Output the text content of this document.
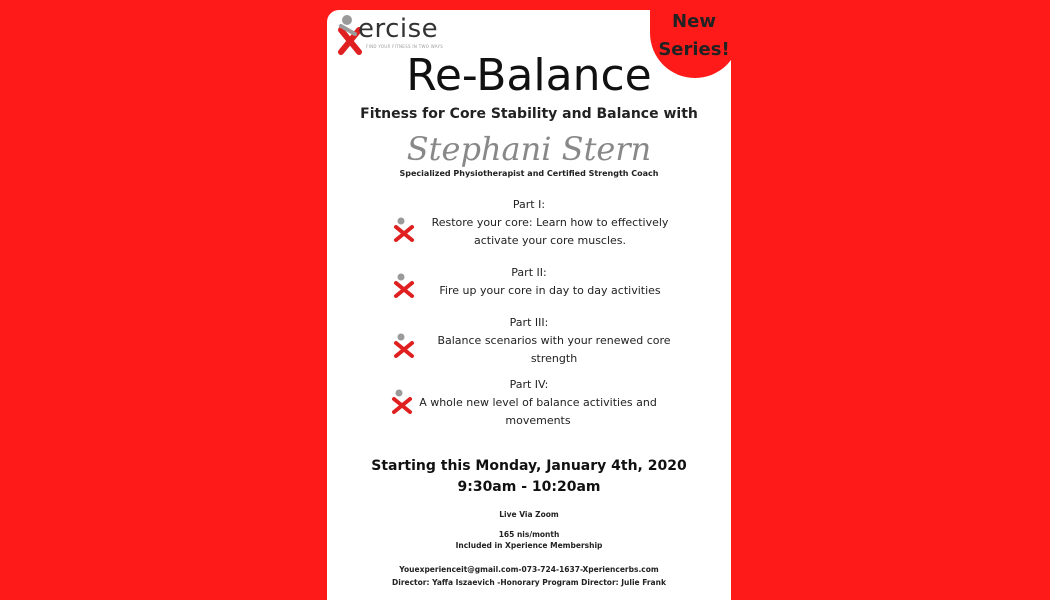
New
Series!
ercise
FIND YOUR FITNESS IN TWO WAYS
Re-Balance
Fitness for Core Stability and Balance with
Stephani Stern
Specialized Physiotherapist and Certified Strength Coach
Part I:
Restore your core: Learn how to effectively
activate your core muscles.
Part II:
Fire up your core in day to day activities
Part III:
Balance scenarios with your renewed core
strength
Part IV:
A whole new level of balance activities and
movements
Starting this Monday, January 4th, 2020
9:30am - 10:20am
Live Via Zoom
165 nis/month
Included in Xperience Membership
Youexperienceit@gmail.com-073-724-1637-Xperiencerbs.com
Director: Yaffa Iszaevich -Honorary Program Director: Julie Frank
